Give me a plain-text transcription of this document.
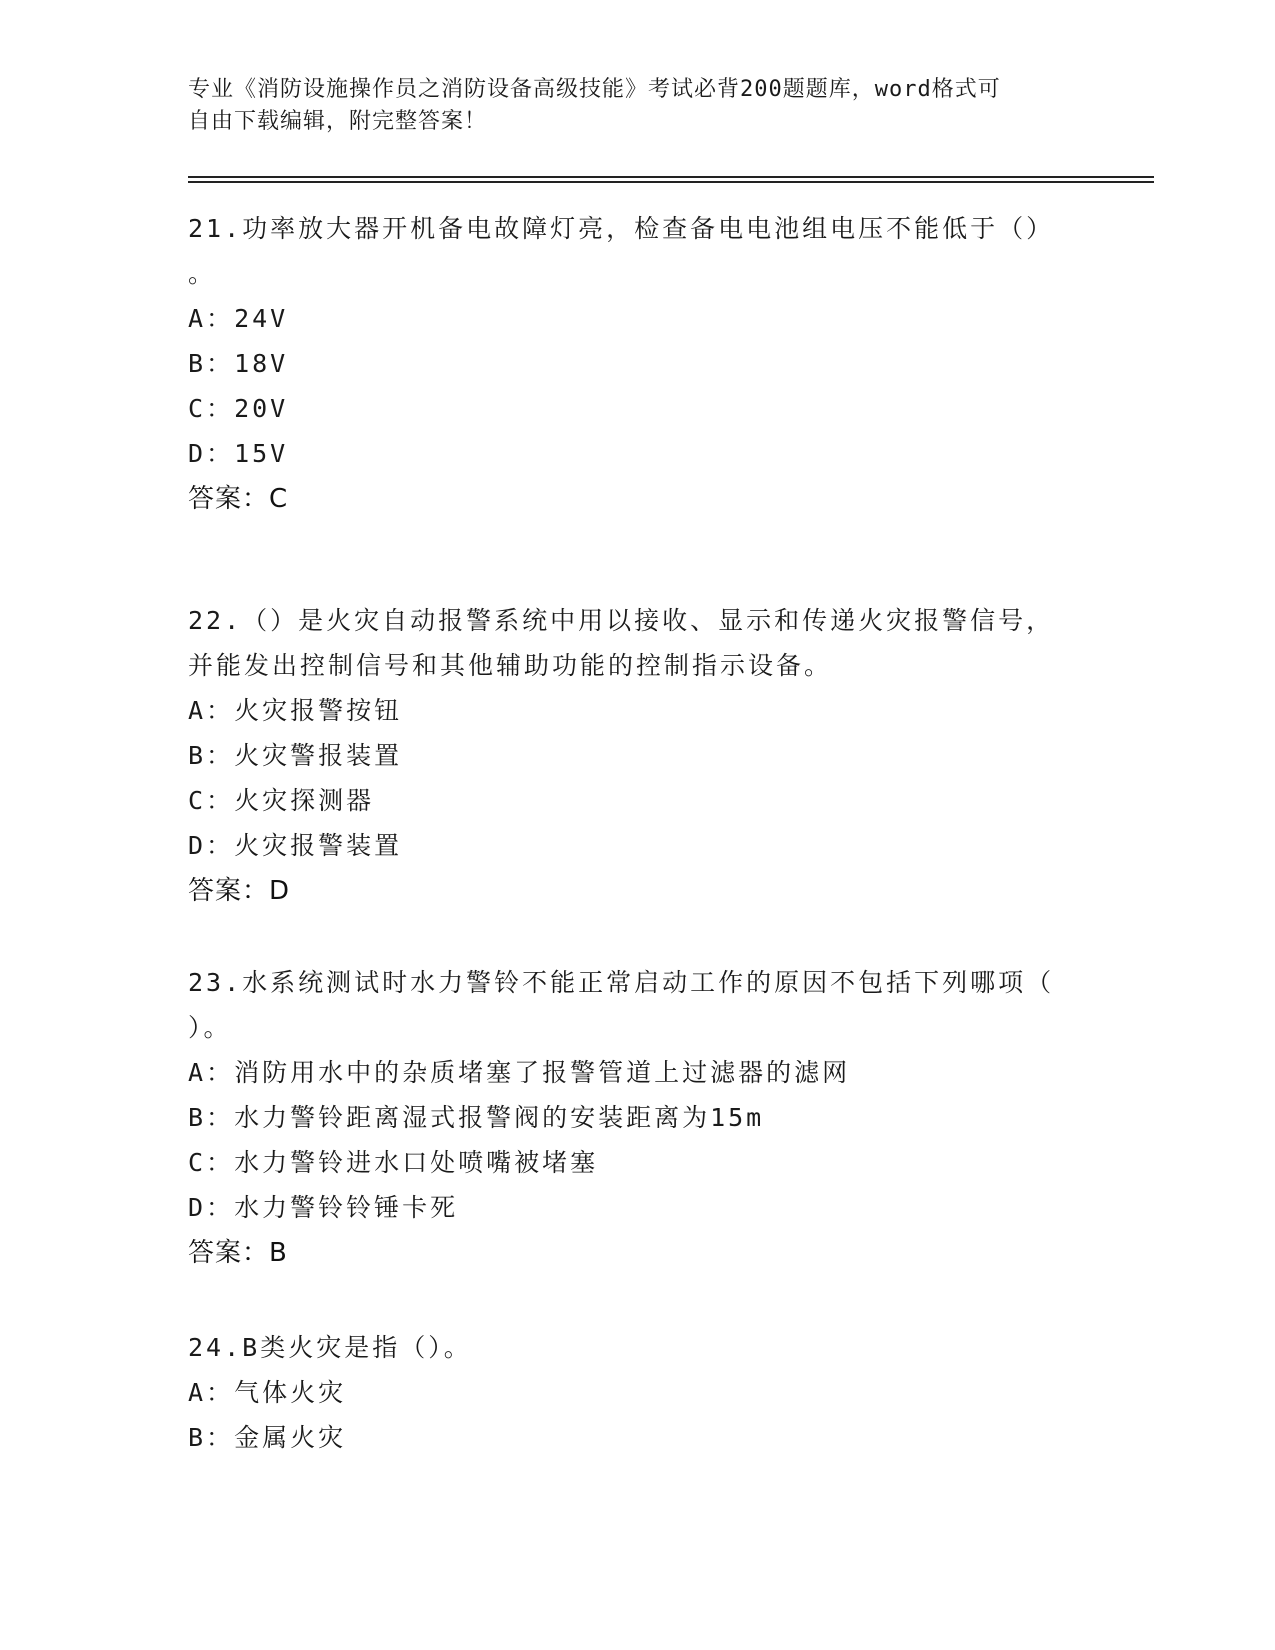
专业《消防设施操作员之消防设备高级技能》考试必背200题题库，word格式可
自由下载编辑，附完整答案！

21.功率放大器开机备电故障灯亮，检查备电电池组电压不能低于（）

。

A： 24V

B： 18V

C： 20V

D： 15V

答案：C

22.（）是火灾自动报警系统中用以接收、显示和传递火灾报警信号，

并能发出控制信号和其他辅助功能的控制指示设备。

A： 火灾报警按钮

B： 火灾警报装置

C： 火灾探测器

D： 火灾报警装置

答案：D

23.水系统测试时水力警铃不能正常启动工作的原因不包括下列哪项（

）。

A： 消防用水中的杂质堵塞了报警管道上过滤器的滤网

B： 水力警铃距离湿式报警阀的安装距离为15m

C： 水力警铃进水口处喷嘴被堵塞

D： 水力警铃铃锤卡死

答案：B

24.B类火灾是指（）。

A： 气体火灾

B： 金属火灾
